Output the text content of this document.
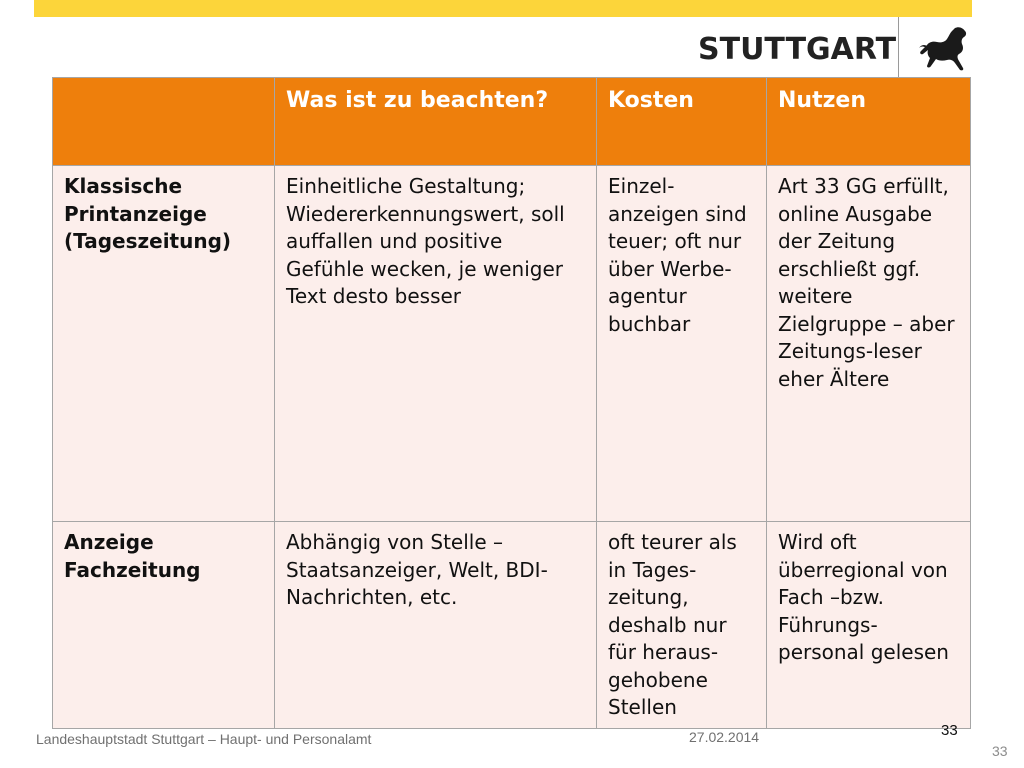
STUTTGART
	Was ist zu beachten?	Kosten	Nutzen
Klassische Printanzeige (Tageszeitung)	Einheitliche Gestaltung; Wiedererkennungswert, soll auffallen und positive Gefühle wecken, je weniger Text desto besser	Einzel-anzeigen sind teuer; oft nur über Werbe-agentur buchbar	Art 33 GG erfüllt, online Ausgabe der Zeitung erschließt ggf. weitere Zielgruppe – aber Zeitungs-leser eher Ältere
Anzeige Fachzeitung	Abhängig von Stelle – Staatsanzeiger, Welt, BDI-Nachrichten, etc.	oft teurer als in Tages-zeitung, deshalb nur für heraus-gehobene Stellen	Wird oft überregional von Fach –bzw. Führungs-personal gelesen
Landeshauptstadt Stuttgart – Haupt- und Personalamt	27.02.2014	33
33
